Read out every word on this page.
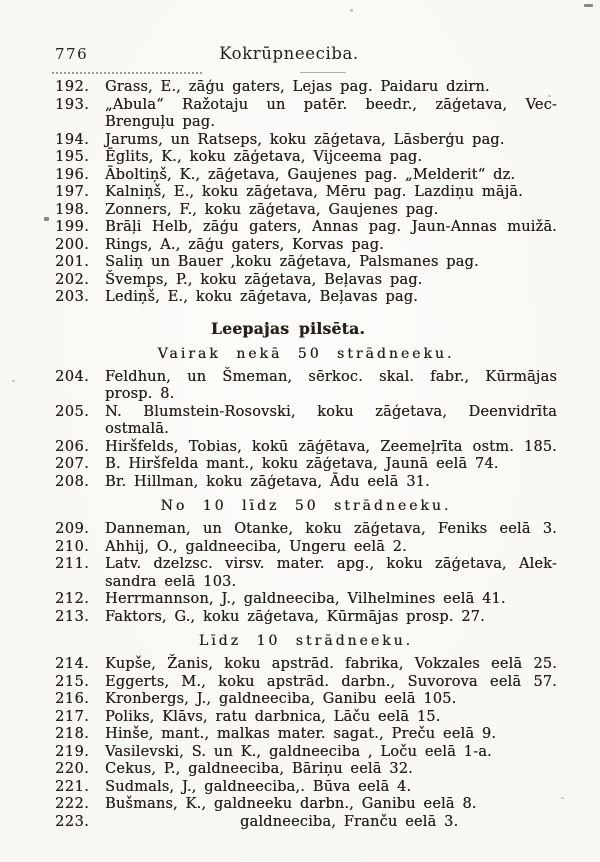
776	Kokrūpneeciba.
192.	Grass, E., zāģu gaters, Lejas pag. Paidaru dzirn.
193.	„Abula“ Ražotaju un patēr. beedr., zāģetava, Vec-
Brenguļu pag.
194.	Jarums, un Ratseps, koku zāģetava, Lāsberģu pag.
195.	Ēglits, K., koku zāģetava, Vijceema pag.
196.	Āboltiņš, K., zāģetava, Gaujenes pag. „Melderit“ dz.
197.	Kalniņš, E., koku zāģetava, Mēru pag. Lazdiņu mājā.
198.	Zonners, F., koku zāģetava, Gaujenes pag.
199.	Brāļi Helb, zāģu gaters, Annas pag. Jaun-Annas muižā.
200.	Rings, A., zāģu gaters, Korvas pag.
201.	Saliņ un Bauer ,koku zāģetava, Palsmanes pag.
202.	Švemps, P., koku zāģetava, Beļavas pag.
203.	Lediņš, E., koku zāģetava, Beļavas pag.
Leepajas pilsēta.
Vairak nekā 50 strādneeku.
204.	Feldhun, un Šmeman, sērkoc. skal. fabr., Kūrmājas
prosp. 8.
205.	N. Blumstein-Rosovski, koku zāģetava, Deenvidrīta
ostmalā.
206.	Hiršfelds, Tobias, kokū zāģētava, Zeemeļrīta ostm. 185.
207.	B. Hiršfelda mant., koku zāģetava, Jaunā eelā 74.
208.	Br. Hillman, koku zāģetava, Ādu eelā 31.
No 10 līdz 50 strādneeku.
209.	Danneman, un Otanke, koku zāģetava, Feniks eelā 3.
210.	Ahhij, O., galdneeciba, Ungeru eelā 2.
211.	Latv. dzelzsc. virsv. mater. apg., koku zāģetava, Alek-
sandra eelā 103.
212.	Herrmannson, J., galdneeciba, Vilhelmines eelā 41.
213.	Faktors, G., koku zāģetava, Kūrmājas prosp. 27.
Līdz 10 strādneeku.
214.	Kupše, Žanis, koku apstrād. fabrika, Vokzales eelā 25.
215.	Eggerts, M., koku apstrād. darbn., Suvorova eelā 57.
216.	Kronbergs, J., galdneeciba, Ganibu eelā 105.
217.	Poliks, Klāvs, ratu darbnica, Lāču eelā 15.
218.	Hinše, mant., malkas mater. sagat., Preču eelā 9.
219.	Vasilevski, S. un K., galdneeciba , Loču eelā 1-a.
220.	Cekus, P., galdneeciba, Bāriņu eelā 32.
221.	Sudmals, J., galdneeciba,. Būva eelā 4.
222.	Bušmans, K., galdneeku darbn., Ganibu eelā 8.
223.	galdneeciba, Franču eelā 3.
